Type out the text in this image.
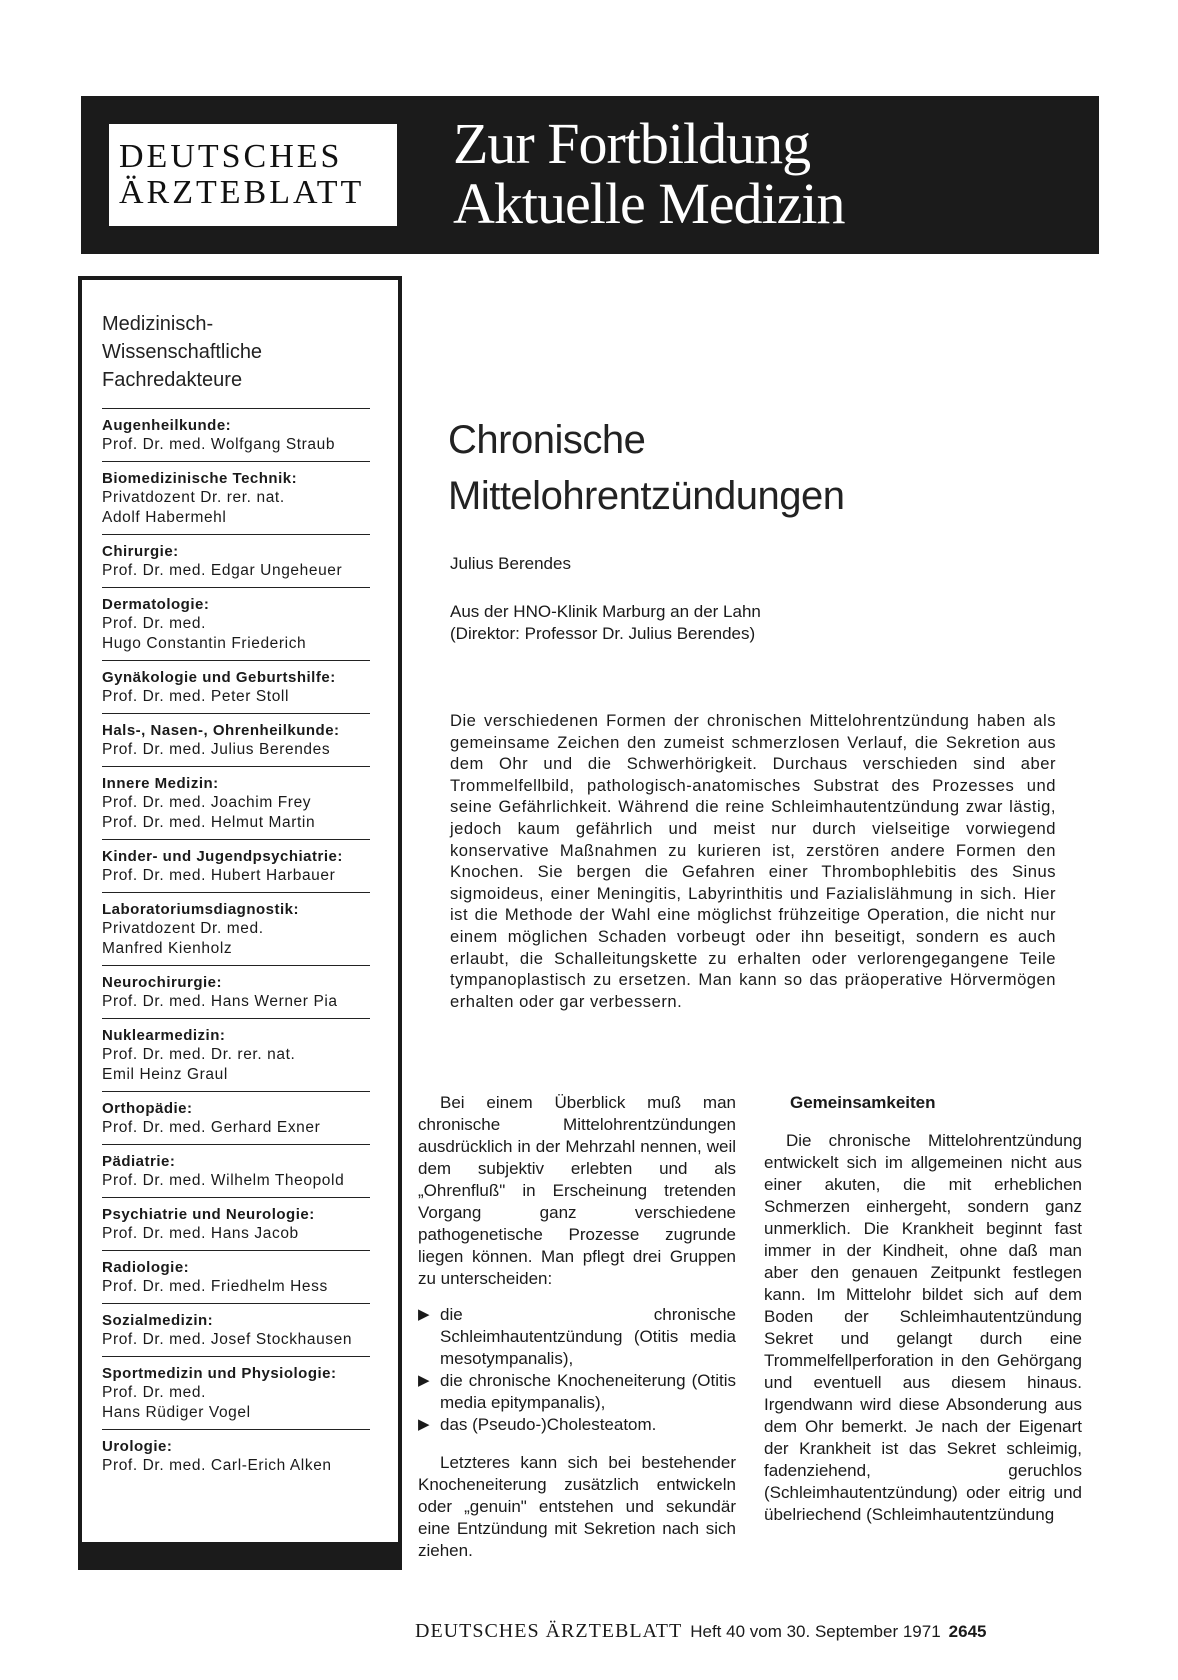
DEUTSCHES
ÄRZTEBLATT
Zur Fortbildung
Aktuelle Medizin
Medizinisch-
Wissenschaftliche
Fachredakteure
Augenheilkunde:
Prof. Dr. med. Wolfgang Straub
Biomedizinische Technik:
Privatdozent Dr. rer. nat.
Adolf Habermehl
Chirurgie:
Prof. Dr. med. Edgar Ungeheuer
Dermatologie:
Prof. Dr. med.
Hugo Constantin Friederich
Gynäkologie und Geburtshilfe:
Prof. Dr. med. Peter Stoll
Hals-, Nasen-, Ohrenheilkunde:
Prof. Dr. med. Julius Berendes
Innere Medizin:
Prof. Dr. med. Joachim Frey
Prof. Dr. med. Helmut Martin
Kinder- und Jugendpsychiatrie:
Prof. Dr. med. Hubert Harbauer
Laboratoriumsdiagnostik:
Privatdozent Dr. med.
Manfred Kienholz
Neurochirurgie:
Prof. Dr. med. Hans Werner Pia
Nuklearmedizin:
Prof. Dr. med. Dr. rer. nat.
Emil Heinz Graul
Orthopädie:
Prof. Dr. med. Gerhard Exner
Pädiatrie:
Prof. Dr. med. Wilhelm Theopold
Psychiatrie und Neurologie:
Prof. Dr. med. Hans Jacob
Radiologie:
Prof. Dr. med. Friedhelm Hess
Sozialmedizin:
Prof. Dr. med. Josef Stockhausen
Sportmedizin und Physiologie:
Prof. Dr. med.
Hans Rüdiger Vogel
Urologie:
Prof. Dr. med. Carl-Erich Alken
Chronische
Mittelohrentzündungen
Julius Berendes
Aus der HNO-Klinik Marburg an der Lahn
(Direktor: Professor Dr. Julius Berendes)
Die verschiedenen Formen der chronischen Mittelohrentzündung haben als gemeinsame Zeichen den zumeist schmerzlosen Verlauf, die Sekretion aus dem Ohr und die Schwerhörigkeit. Durchaus verschieden sind aber Trommelfellbild, pathologisch-anatomisches Substrat des Prozesses und seine Gefährlichkeit. Während die reine Schleimhautentzündung zwar lästig, jedoch kaum gefährlich und meist nur durch vielseitige vorwiegend konservative Maßnahmen zu kurieren ist, zerstören andere Formen den Knochen. Sie bergen die Gefahren einer Thrombophlebitis des Sinus sigmoideus, einer Meningitis, Labyrinthitis und Fazialislähmung in sich. Hier ist die Methode der Wahl eine möglichst frühzeitige Operation, die nicht nur einem möglichen Schaden vorbeugt oder ihn beseitigt, sondern es auch erlaubt, die Schalleitungskette zu erhalten oder verlorengegangene Teile tympanoplastisch zu ersetzen. Man kann so das präoperative Hörvermögen erhalten oder gar verbessern.

Bei einem Überblick muß man chronische Mittelohrentzündungen ausdrücklich in der Mehrzahl nennen, weil dem subjektiv erlebten und als „Ohrenfluß" in Erscheinung tretenden Vorgang ganz verschiedene pathogenetische Prozesse zugrunde liegen können. Man pflegt drei Gruppen zu unterscheiden:

▶ die chronische Schleimhautentzündung (Otitis media mesotympanalis),
▶ die chronische Knocheneiterung (Otitis media epitympanalis),
▶ das (Pseudo-)Cholesteatom.

Letzteres kann sich bei bestehender Knocheneiterung zusätzlich entwickeln oder „genuin" entstehen und sekundär eine Entzündung mit Sekretion nach sich ziehen.

Gemeinsamkeiten

Die chronische Mittelohrentzündung entwickelt sich im allgemeinen nicht aus einer akuten, die mit erheblichen Schmerzen einhergeht, sondern ganz unmerklich. Die Krankheit beginnt fast immer in der Kindheit, ohne daß man aber den genauen Zeitpunkt festlegen kann. Im Mittelohr bildet sich auf dem Boden der Schleimhautentzündung Sekret und gelangt durch eine Trommelfellperforation in den Gehörgang und eventuell aus diesem hinaus. Irgendwann wird diese Absonderung aus dem Ohr bemerkt. Je nach der Eigenart der Krankheit ist das Sekret schleimig, fadenziehend, geruchlos (Schleimhautentzündung) oder eitrig und übelriechend (Schleimhautentzündung

DEUTSCHES ÄRZTEBLATT Heft 40 vom 30. September 1971 2645
